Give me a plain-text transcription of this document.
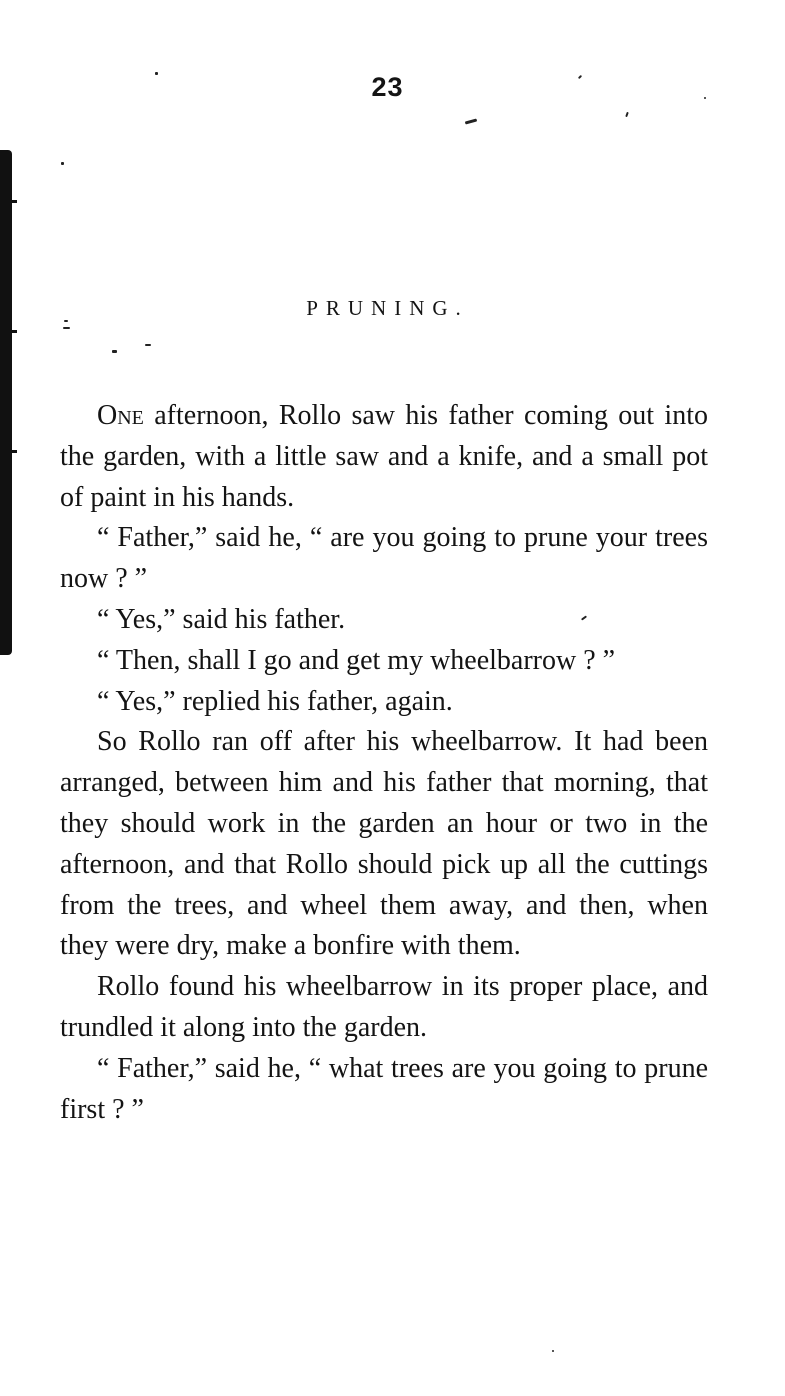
23
PRUNING.

One afternoon, Rollo saw his father coming out into the garden, with a little saw and a knife, and a small pot of paint in his hands.

“ Father,” said he, “ are you going to prune your trees now ? ”

“ Yes,” said his father.

“ Then, shall I go and get my wheelbarrow ? ”

“ Yes,” replied his father, again.

So Rollo ran off after his wheelbarrow. It had been arranged, between him and his father that morning, that they should work in the garden an hour or two in the afternoon, and that Rollo should pick up all the cuttings from the trees, and wheel them away, and then, when they were dry, make a bonfire with them.

Rollo found his wheelbarrow in its proper place, and trundled it along into the garden.

“ Father,” said he, “ what trees are you going to prune first ? ”
